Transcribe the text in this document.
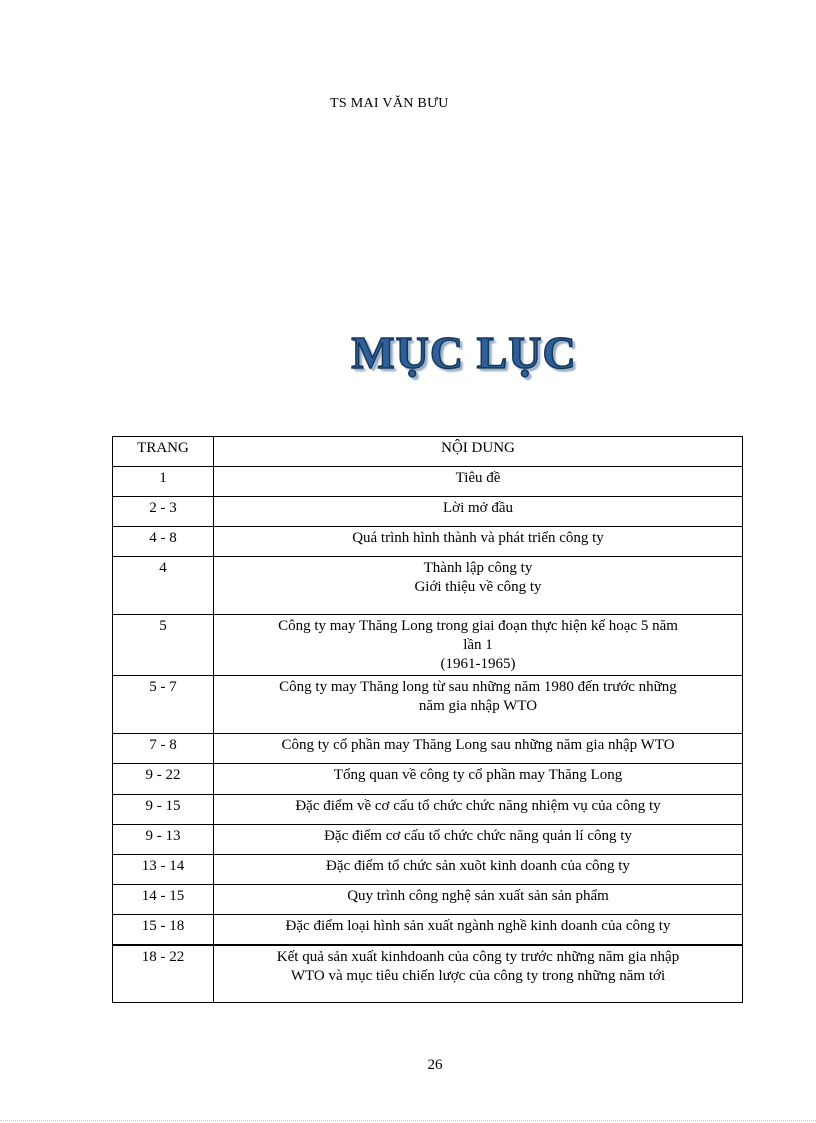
TS MAI VĂN BƯU
MỤC LỤC
TRANG	NỘI DUNG
1	Tiêu đề

2 - 3	Lời mở đầu

4 - 8	Quá trình hình thành và phát triển công ty

4	Thành lập công ty
Giới thiệu về công ty

5	Công ty may Thăng Long trong giai đoạn thực hiện kế hoạc 5 năm
lần 1
(1961-1965)

5 - 7	Công ty may Thăng long từ sau những năm 1980 đến trước những
năm gia nhập WTO

7 - 8	Công ty cổ phần may Thăng Long sau những năm gia nhập WTO

9 - 22	Tổng quan về công ty cổ phần may Thăng Long

9 - 15	Đặc điểm về cơ cấu tổ chức chức năng nhiệm vụ của công ty

9 - 13	Đặc điểm cơ cấu tổ chức chức năng quản lí công ty

13 - 14	Đặc điểm tổ chức sản xuõt kinh doanh của công ty

14 - 15	Quy trình công nghệ sản xuất sản sản phẩm

15 - 18	Đặc điểm loại hình sản xuất ngành nghề kinh doanh của công ty

18 - 22	Kết quả sản xuất kinhdoanh của công ty trước những năm gia nhập
WTO và mục tiêu chiến lược của công ty trong những năm tới
26
